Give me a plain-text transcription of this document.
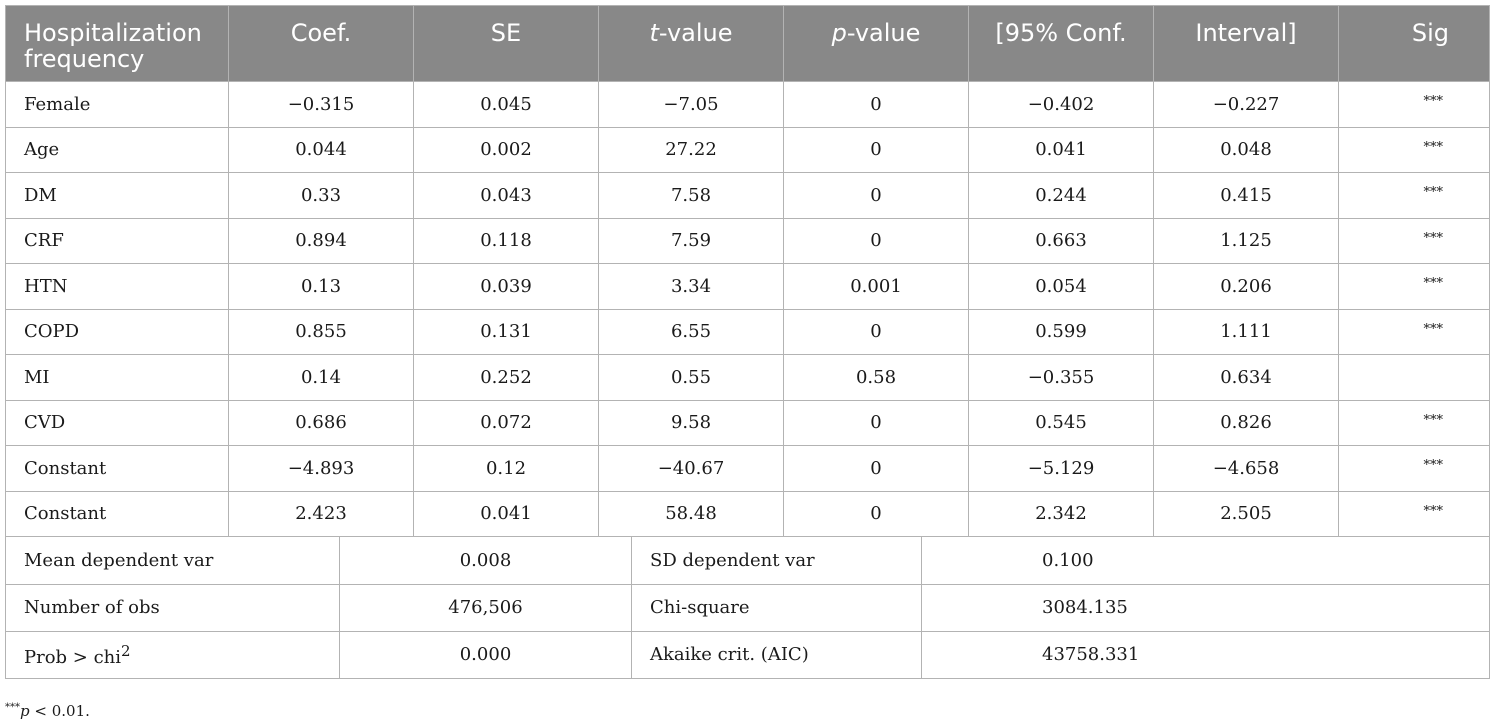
Hospitalization frequency	Coef.	SE	t-value	p-value	[95% Conf.	Interval]	Sig
Female	−0.315	0.045	−7.05	0	−0.402	−0.227	***
Age	0.044	0.002	27.22	0	0.041	0.048	***
DM	0.33	0.043	7.58	0	0.244	0.415	***
CRF	0.894	0.118	7.59	0	0.663	1.125	***
HTN	0.13	0.039	3.34	0.001	0.054	0.206	***
COPD	0.855	0.131	6.55	0	0.599	1.111	***
MI	0.14	0.252	0.55	0.58	−0.355	0.634	
CVD	0.686	0.072	9.58	0	0.545	0.826	***
Constant	−4.893	0.12	−40.67	0	−5.129	−4.658	***
Constant	2.423	0.041	58.48	0	2.342	2.505	***
Mean dependent var	0.008	SD dependent var	0.100
Number of obs	476,506	Chi-square	3084.135
Prob > chi$^2$	0.000	Akaike crit. (AIC)	43758.331
***p < 0.01.
